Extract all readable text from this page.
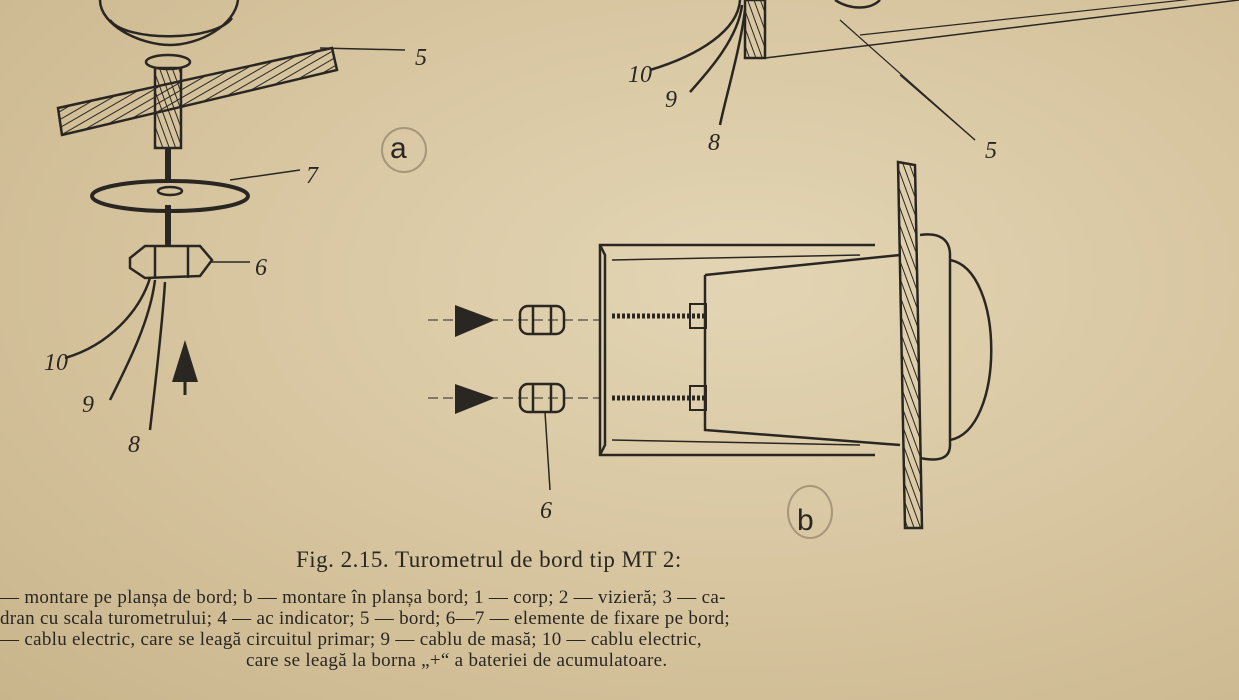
5
7
6
10
9
8
a
10
9
8	5
6	b
Fig. 2.15. Turometrul de bord tip MT 2:
— montare pe planșa de bord; b — montare în planșa bord; 1 — corp; 2 — vizieră; 3 — ca-
dran cu scala turometrului; 4 — ac indicator; 5 — bord; 6—7 — elemente de fixare pe bord;
— cablu electric, care se leagă circuitul primar; 9 — cablu de masă; 10 — cablu electric,
care se leagă la borna „+“ a bateriei de acumulatoare.
